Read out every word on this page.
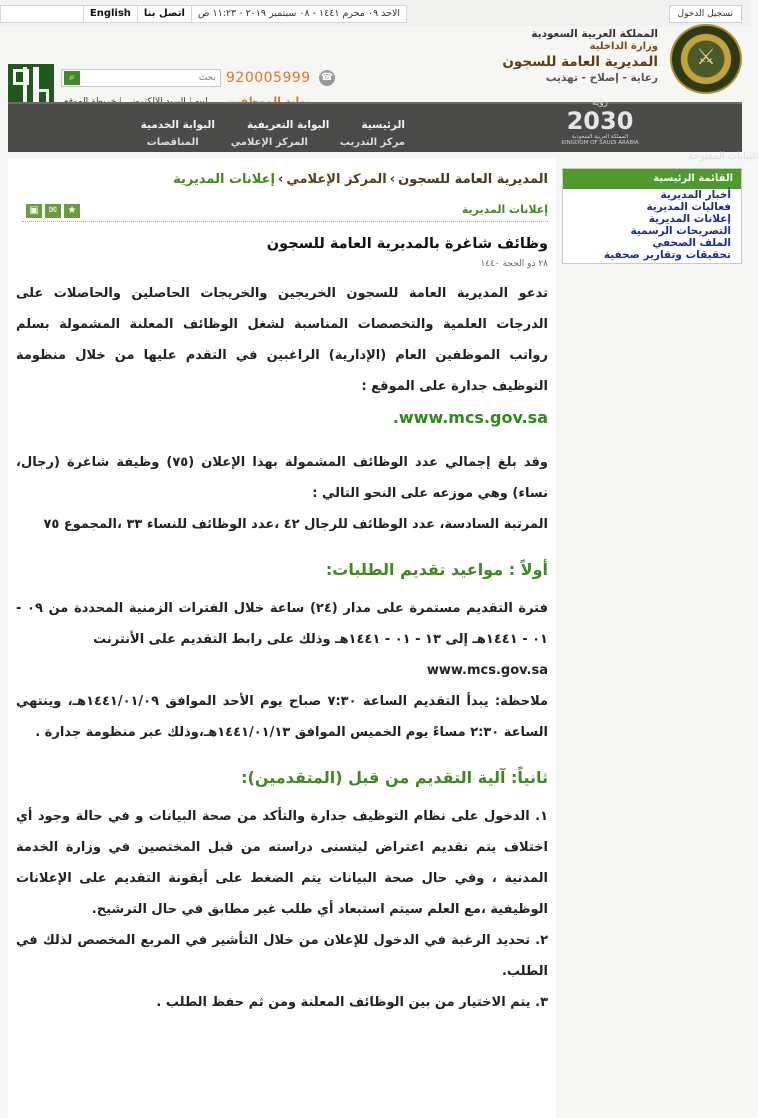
الاحد ٠٩ محرم ١٤٤١ - ٠٨ سبتمبر ٢٠١٩ - ١١:٢٣ ص
اتصل بنا
English	تسجيل الدخول
⌕
بحث	920005999 ☎
المملكة العربية السعودية
وزارة الداخلية
المديرية العامة للسجون
رعاية - إصلاح - تهذيب
⚔
الرئيسية
البوابة التعريفية
البوابة الخدمية
مركز التدريب
المركز الإعلامي
المناقصات
رؤية
2030
المملكة العربية السعودية KINGDOM OF SAUDI ARABIA
البيانات المفتوحة
المديرية العامة للسجون›المركز الإعلامي›إعلانات المديرية
▣	✉	★	إعلانات المديرية
وظائف شاغرة بالمديرية العامة للسجون
٢٨ ذو الحجة ١٤٤٠

تدعو المديرية العامة للسجون الخريجين والخريجات الحاصلين والحاصلات على الدرجات العلمية والتخصصات المناسبة لشغل الوظائف المعلنة المشمولة بسلم رواتب الموظفين العام (الإدارية) الراغبين في التقدم عليها من خلال منظومة التوظيف جدارة على الموقع :

www.mcs.gov.sa.

وقد بلغ إجمالي عدد الوظائف المشمولة بهذا الإعلان (٧٥) وظيفة شاغرة (رجال، نساء) وهي موزعه على النحو التالي :

المرتبة السادسة، عدد الوظائف للرجال ٤٢ ،عدد الوظائف للنساء ٣٣ ،المجموع ٧٥

أولاً : مواعيد تقديم الطلبات:

فترة التقديم مستمرة على مدار (٢٤) ساعة خلال الفترات الزمنية المحددة من ٠٩ - ٠١ - ١٤٤١هـ إلى ١٣ - ٠١ - ١٤٤١هـ وذلك على رابط التقديم على الأنترنت

www.mcs.gov.sa

ملاحظة: يبدأ التقديم الساعة ٧:٣٠ صباح يوم الأحد الموافق ١٤٤١/٠١/٠٩هـ، وينتهي الساعة ٢:٣٠ مساءً يوم الخميس الموافق ١٤٤١/٠١/١٣هـ،وذلك عبر منظومة جدارة .

ثانياً: آلية التقديم من قبل (المتقدمين):

١. الدخول على نظام التوظيف جدارة والتأكد من صحة البيانات و في حالة وجود أي اختلاف يتم تقديم اعتراض ليتسنى دراسته من قبل المختصين في وزارة الخدمة المدنية ، وفي حال صحة البيانات يتم الضغط على أيقونة التقديم على الإعلانات الوظيفية ،مع العلم سيتم استبعاد أي طلب غير مطابق في حال الترشيح.

٢. تحديد الرغبة في الدخول للإعلان من خلال التأشير في المربع المخصص لذلك في الطلب.

٣. يتم الاختيار من بين الوظائف المعلنة ومن ثم حفظ الطلب .

القائمة الرئيسية
أخبار المديرية
فعاليات المديرية
إعلانات المديرية
التصريحات الرسمية
الملف الصحفي
تحقيقات وتقارير صحفية
